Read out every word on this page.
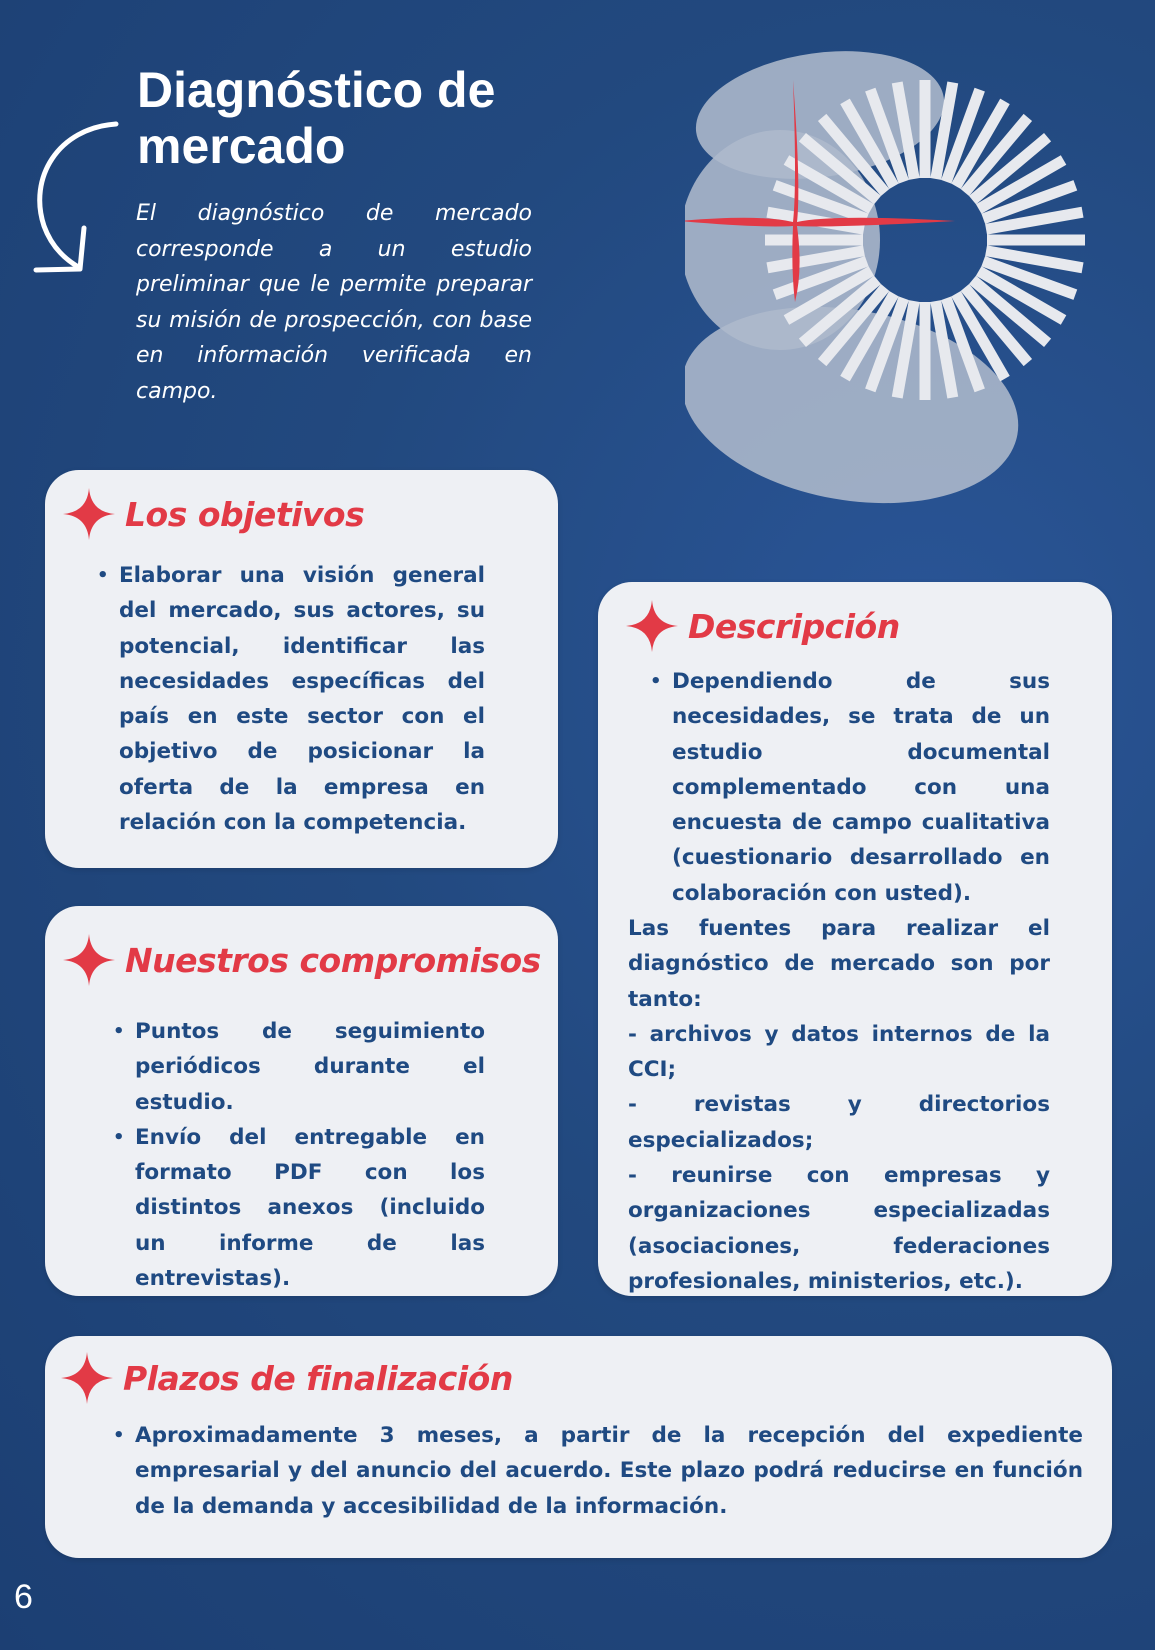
Diagnóstico de mercado
El diagnóstico de mercado corresponde a un estudio preliminar que le permite preparar su misión de prospección, con base en información verificada en campo.
Los objetivos
• Elaborar una visión general del mercado, sus actores, su potencial, identificar las necesidades específicas del país en este sector con el objetivo de posicionar la oferta de la empresa en relación con la competencia.
Nuestros compromisos
• Puntos de seguimiento periódicos durante el estudio.
• Envío del entregable en formato PDF con los distintos anexos (incluido un informe de las entrevistas).
Descripción
• Dependiendo de sus necesidades, se trata de un estudio documental complementado con una encuesta de campo cualitativa (cuestionario desarrollado en colaboración con usted).

Las fuentes para realizar el diagnóstico de mercado son por tanto:

- archivos y datos internos de la CCI;

- revistas y directorios especializados;

- reunirse con empresas y organizaciones especializadas (asociaciones, federaciones profesionales, ministerios, etc.).

Plazos de finalización
• Aproximadamente 3 meses, a partir de la recepción del expediente empresarial y del anuncio del acuerdo. Este plazo podrá reducirse en función de la demanda y accesibilidad de la información.
6
